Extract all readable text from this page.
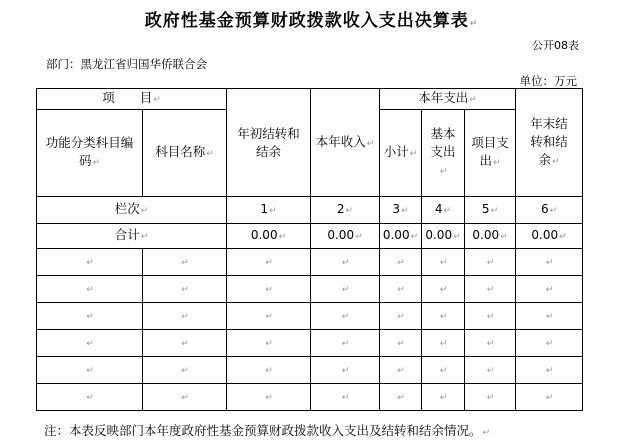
政府性基金预算财政拨款收入支出决算表↵
公开08表
部门：黑龙江省归国华侨联合会
单位：万元
项　　目↵		年初结转和结余	本年收入↵	本年支出↵			年末结转和结余↵
功能分类科目编码↵	科目名称↵			小计↵	基本支出↵	项目支出↵	
栏次↵		1↵	2↵	3↵	4↵	5↵	6↵
合计↵		0.00↵	0.00↵	0.00↵	0.00↵	0.00↵	0.00↵
↵	↵	↵	↵	↵	↵	↵	↵
↵	↵	↵	↵	↵	↵	↵	↵
↵	↵	↵	↵	↵	↵	↵	↵
↵	↵	↵	↵	↵	↵	↵	↵
↵	↵	↵	↵	↵	↵	↵	↵
↵	↵	↵	↵	↵	↵	↵	↵
注：本表反映部门本年度政府性基金预算财政拨款收入支出及结转和结余情况。↵
